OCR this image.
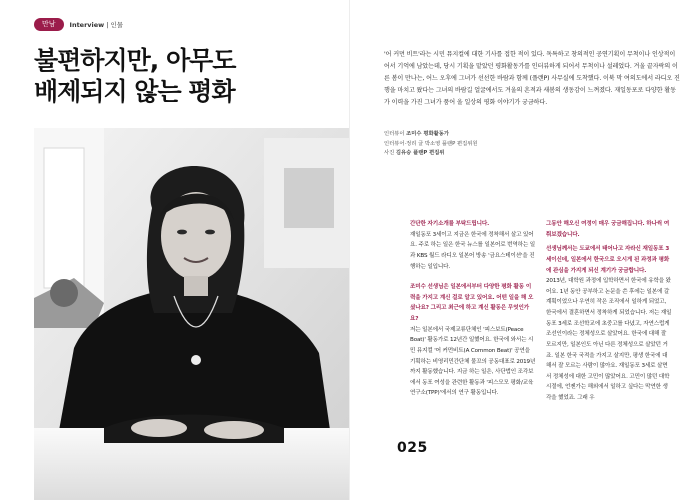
만남	Interview | 인물
불편하지만, 아무도
배제되지 않는 평화

'어 커먼 비트'라는 시민 뮤지컬에 대한 기사를 접한 적이 있다. 독특하고 창의적인 공연기획이 무척이나 인상적이어서 기억에 남았는데, 당시 기획을 맡았던 평화활동가를 인터뷰하게 되어서 무척이나 설레었다. 겨울 끝자락의 이른 봄이 만나는, 어느 오후에 그녀가 선선한 바람과 함께 (플랜P) 사무실에 도착했다. 이북 막 여의도에서 라디오 진행을 마치고 왔다는 그녀의 바람길 얼굴에서도 겨울의 흔적과 새봄의 생동감이 느껴졌다. 재일동포로 다양한 활동가 이력을 가진 그녀가 품어 올 일상의 평화 이야기가 궁금하다.

인터뷰이 조미수 평화활동가
인터뷰어·정리 글 박소영 플랜P 편집위원
사진 김유승 플랜P 편집위
간단한 자기소개를 부탁드립니다.
재일동포 3세이고 지금은 한국에 정착해서 살고 있어요. 주로 하는 일은 한국 뉴스를 일본어로 번역하는 일과 KBS 월드 라디오 일본어 방송 '금요스테이션'을 진행하는 일입니다.
조미수 선생님은 일본에서부터 다양한 평화 활동 이력을 가지고 계신 걸로 알고 있어요. 어떤 일을 해 오셨나요? 그리고 최근에 하고 계신 활동은 무엇인가요?
저는 일본에서 국제교류단체인 '피스보트(Peace Boat)' 활동가로 12년간 일했어요. 한국에 와서는 시민 뮤지컬 '어 커먼비트(A Common Beat)' 공연을 기획하는 비영리민간단체 물꼬의 공동대표로 2019년까지 활동했습니다. 지금 하는 일은, 사단법인 조각보에서 동포 여성을 관련한 활동과 '피스모모 평화/교육 연구소(TPP)'에서의 연구 활동입니다.
그동안 해오신 여정이 매우 궁금해집니다. 하나씩 여쭤보겠습니다.
선생님께서는 도쿄에서 태어나고 자라신 재일동포 3세이신데, 일본에서 한국으로 오시게 된 과정과 평화에 관심을 가지게 되신 계기가 궁금합니다.
2013년, 대학원 과정에 입학하면서 한국에 유학을 왔어요. 1년 동안 공부하고 논문을 쓴 후에는 일본에 갈 계획이었으나 우연히 작은 조직에서 일하게 되었고, 한국에서 결혼하면서 정착하게 되었습니다. 저는 재일동포 3세로 조선학교에 초중고를 다녔고, 자연스럽게 조선인이라는 정체성으로 살았어요. 한국에 대해 잘 모르지만, 일본인도 아닌 다른 정체성으로 살았던 거죠. 일본 한국 국적을 가지고 살지만, 평생 한국에 대해서 잘 모르는 사람이 많아요. 재일동포 3세로 살면서 정체성에 대한 고민이 많았어요. 고민이 많던 대학 시절에, 언젠가는 해외에서 일하고 싶다는 막연한 생각을 했었죠. 그래 우
025
